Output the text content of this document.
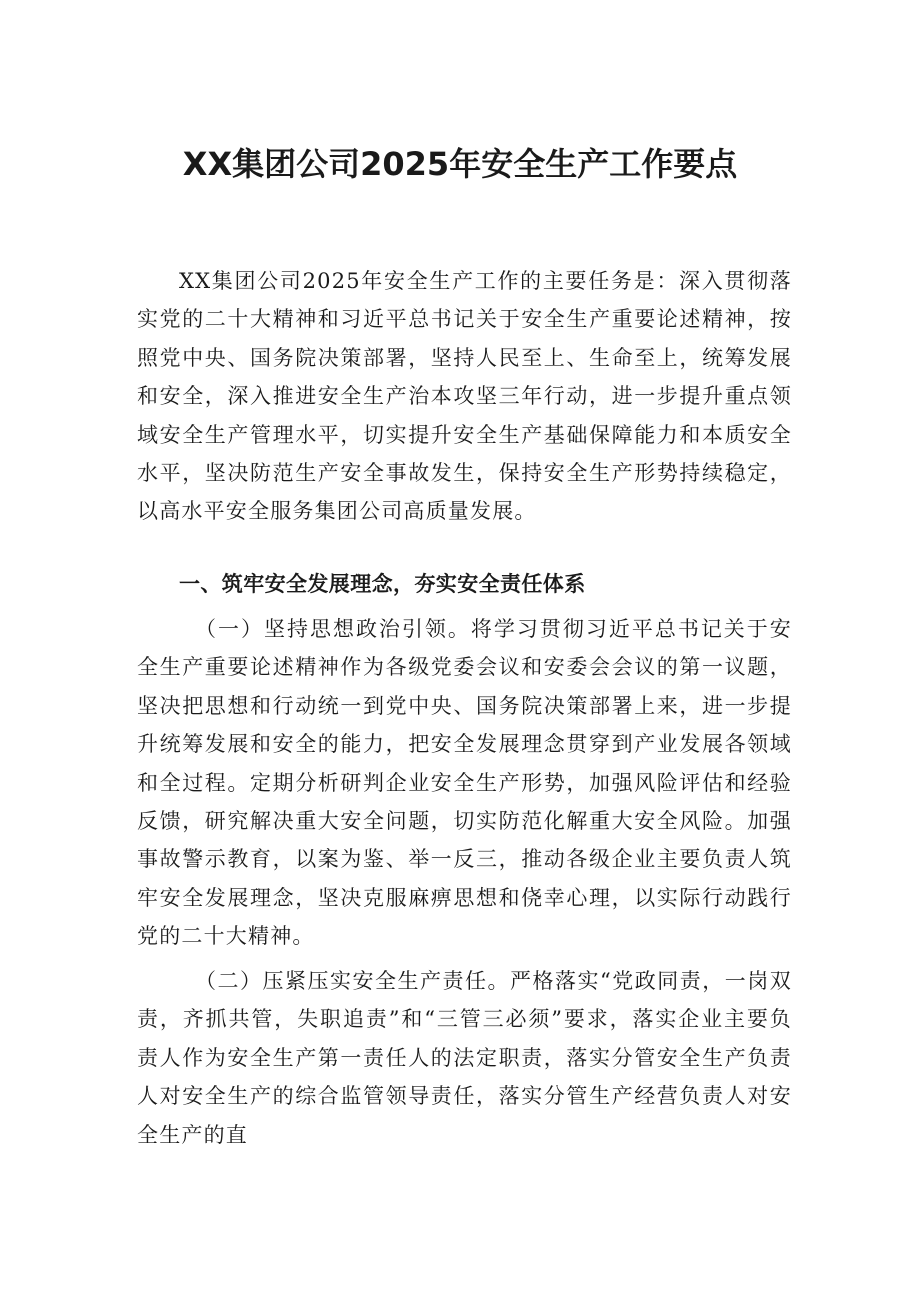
XX集团公司2025年安全生产工作要点

XX集团公司2025年安全生产工作的主要任务是：深入贯彻落实党的二十大精神和习近平总书记关于安全生产重要论述精神，按照党中央、国务院决策部署，坚持人民至上、生命至上，统筹发展和安全，深入推进安全生产治本攻坚三年行动，进一步提升重点领域安全生产管理水平，切实提升安全生产基础保障能力和本质安全水平，坚决防范生产安全事故发生，保持安全生产形势持续稳定，以高水平安全服务集团公司高质量发展。

一、筑牢安全发展理念，夯实安全责任体系

（一）坚持思想政治引领。将学习贯彻习近平总书记关于安全生产重要论述精神作为各级党委会议和安委会会议的第一议题，坚决把思想和行动统一到党中央、国务院决策部署上来，进一步提升统筹发展和安全的能力，把安全发展理念贯穿到产业发展各领域和全过程。定期分析研判企业安全生产形势，加强风险评估和经验反馈，研究解决重大安全问题，切实防范化解重大安全风险。加强事故警示教育，以案为鉴、举一反三，推动各级企业主要负责人筑牢安全发展理念，坚决克服麻痹思想和侥幸心理，以实际行动践行党的二十大精神。

（二）压紧压实安全生产责任。严格落实“党政同责，一岗双责，齐抓共管，失职追责”和“三管三必须”要求，落实企业主要负责人作为安全生产第一责任人的法定职责，落实分管安全生产负责人对安全生产的综合监管领导责任，落实分管生产经营负责人对安全生产的直
